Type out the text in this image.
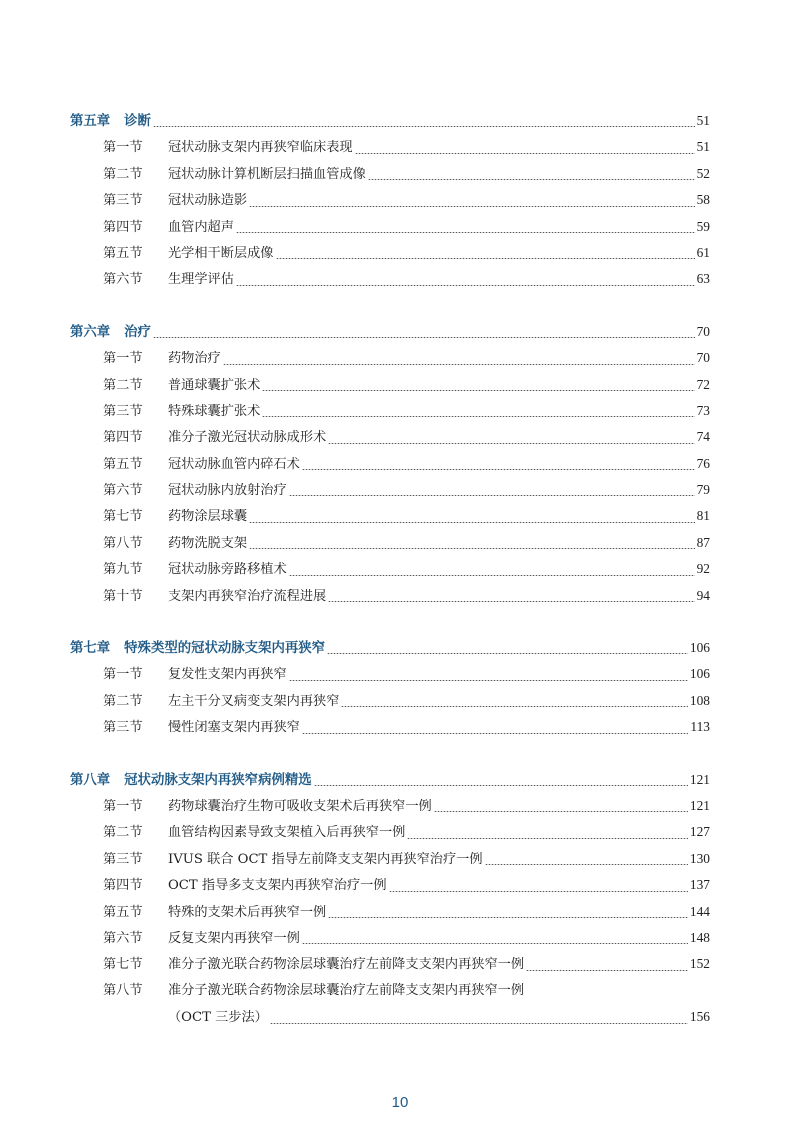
第五章 诊断	51
第一节	冠状动脉支架内再狭窄临床表现	51
第二节	冠状动脉计算机断层扫描血管成像	52
第三节	冠状动脉造影	58
第四节	血管内超声	59
第五节	光学相干断层成像	61
第六节	生理学评估	63
第六章 治疗	70
第一节	药物治疗	70
第二节	普通球囊扩张术	72
第三节	特殊球囊扩张术	73
第四节	准分子激光冠状动脉成形术	74
第五节	冠状动脉血管内碎石术	76
第六节	冠状动脉内放射治疗	79
第七节	药物涂层球囊	81
第八节	药物洗脱支架	87
第九节	冠状动脉旁路移植术	92
第十节	支架内再狭窄治疗流程进展	94
第七章 特殊类型的冠状动脉支架内再狭窄	106
第一节	复发性支架内再狭窄	106
第二节	左主干分叉病变支架内再狭窄	108
第三节	慢性闭塞支架内再狭窄	113
第八章 冠状动脉支架内再狭窄病例精选	121
第一节	药物球囊治疗生物可吸收支架术后再狭窄一例	121
第二节	血管结构因素导致支架植入后再狭窄一例	127
第三节	IVUS 联合 OCT 指导左前降支支架内再狭窄治疗一例	130
第四节	OCT 指导多支支架内再狭窄治疗一例	137
第五节	特殊的支架术后再狭窄一例	144
第六节	反复支架内再狭窄一例	148
第七节	准分子激光联合药物涂层球囊治疗左前降支支架内再狭窄一例	152
第八节	准分子激光联合药物涂层球囊治疗左前降支支架内再狭窄一例
（OCT 三步法）	156
10
